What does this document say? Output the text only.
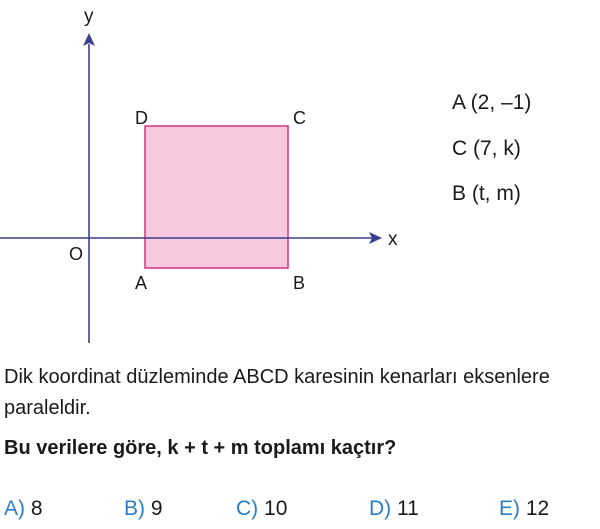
x
y
O
D	C
A	B
A (2, –1)
C (7, k)
B (t, m)
Dik koordinat düzleminde ABCD karesinin kenarları eksenlere paraleldir.
Bu verilere göre, k + t + m toplamı kaçtır?
A) 8	B) 9	C) 10	D) 11	E) 12
